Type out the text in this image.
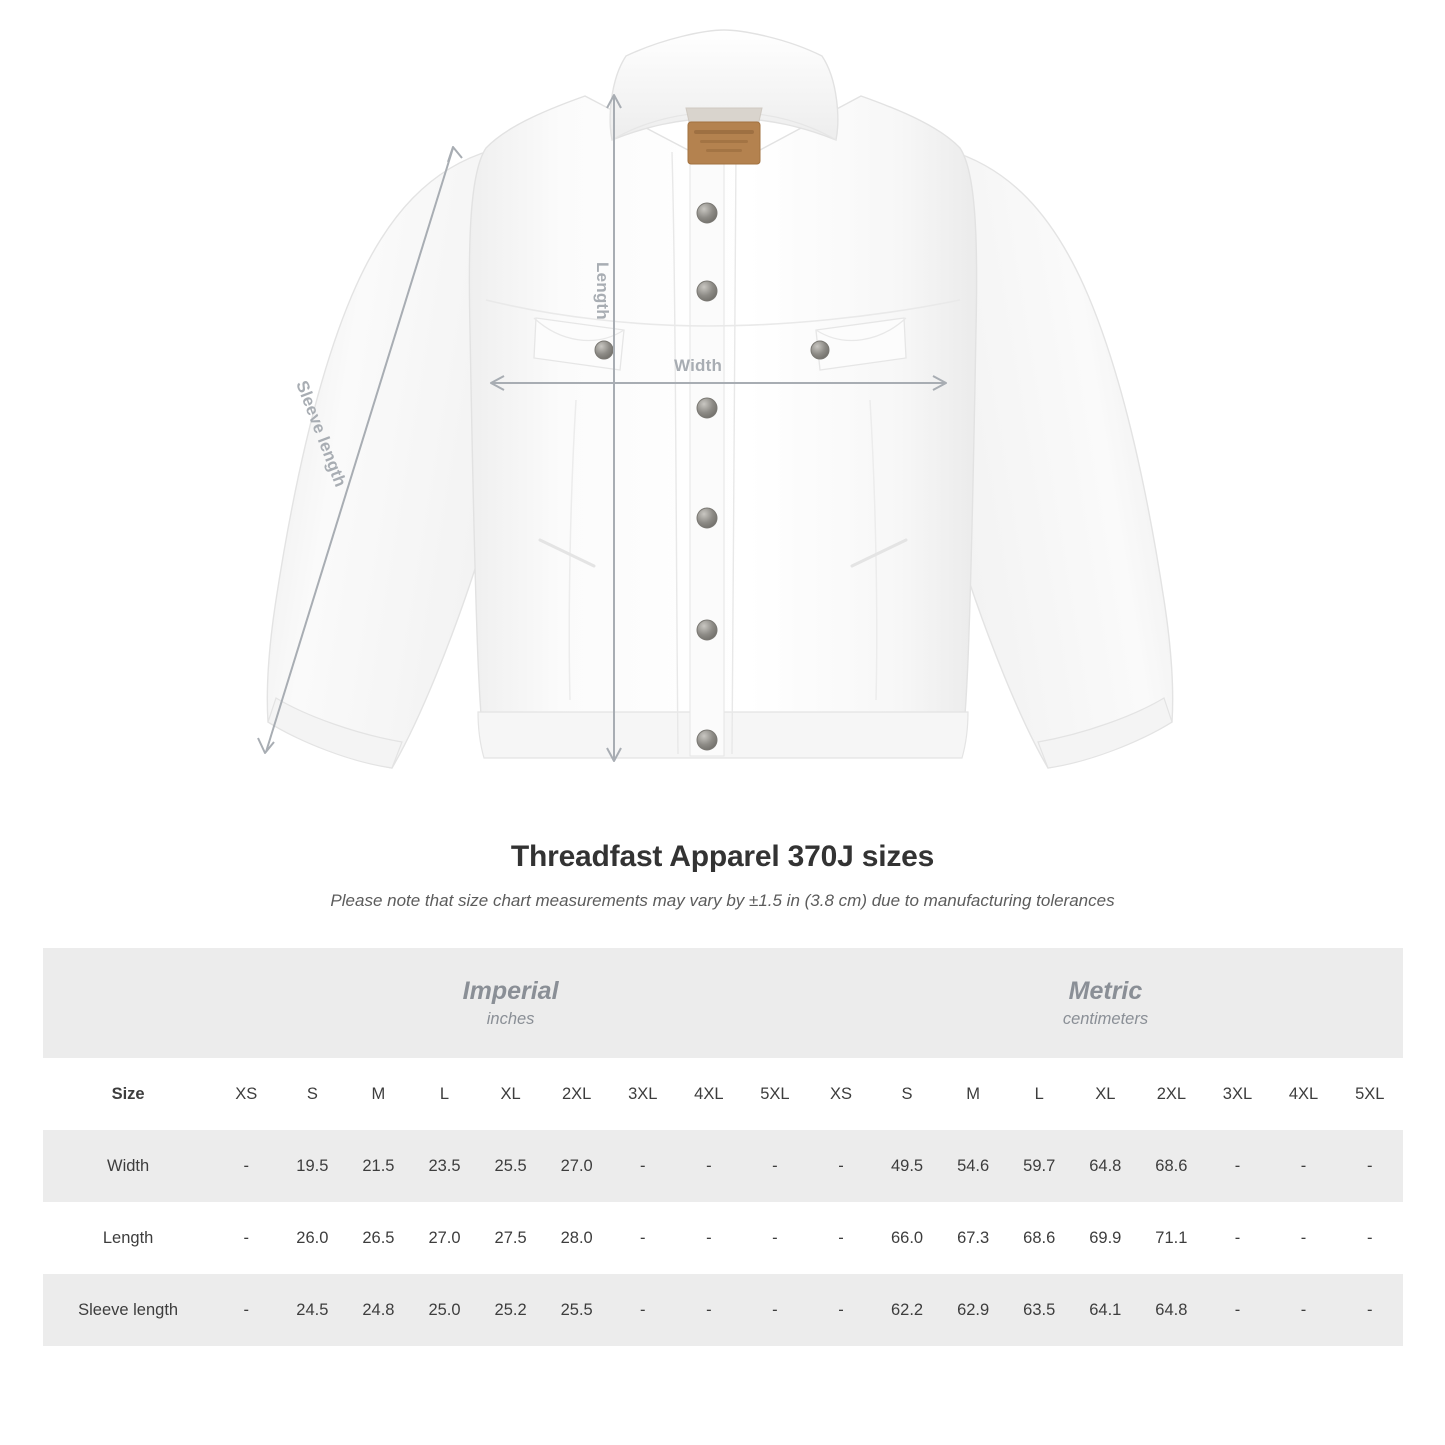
Width
Length
Sleeve length
Threadfast Apparel 370J sizes
Please note that size chart measurements may vary by ±1.5 in (3.8 cm) due to manufacturing tolerances

Imperial
inches

Metric
centimeters

Size	XS	S	M	L	XL	2XL	3XL	4XL	5XL	XS	S	M	L	XL	2XL	3XL	4XL	5XL
Width	-	19.5	21.5	23.5	25.5	27.0	-	-	-	-	49.5	54.6	59.7	64.8	68.6	-	-	-
Length	-	26.0	26.5	27.0	27.5	28.0	-	-	-	-	66.0	67.3	68.6	69.9	71.1	-	-	-
Sleeve length	-	24.5	24.8	25.0	25.2	25.5	-	-	-	-	62.2	62.9	63.5	64.1	64.8	-	-	-
